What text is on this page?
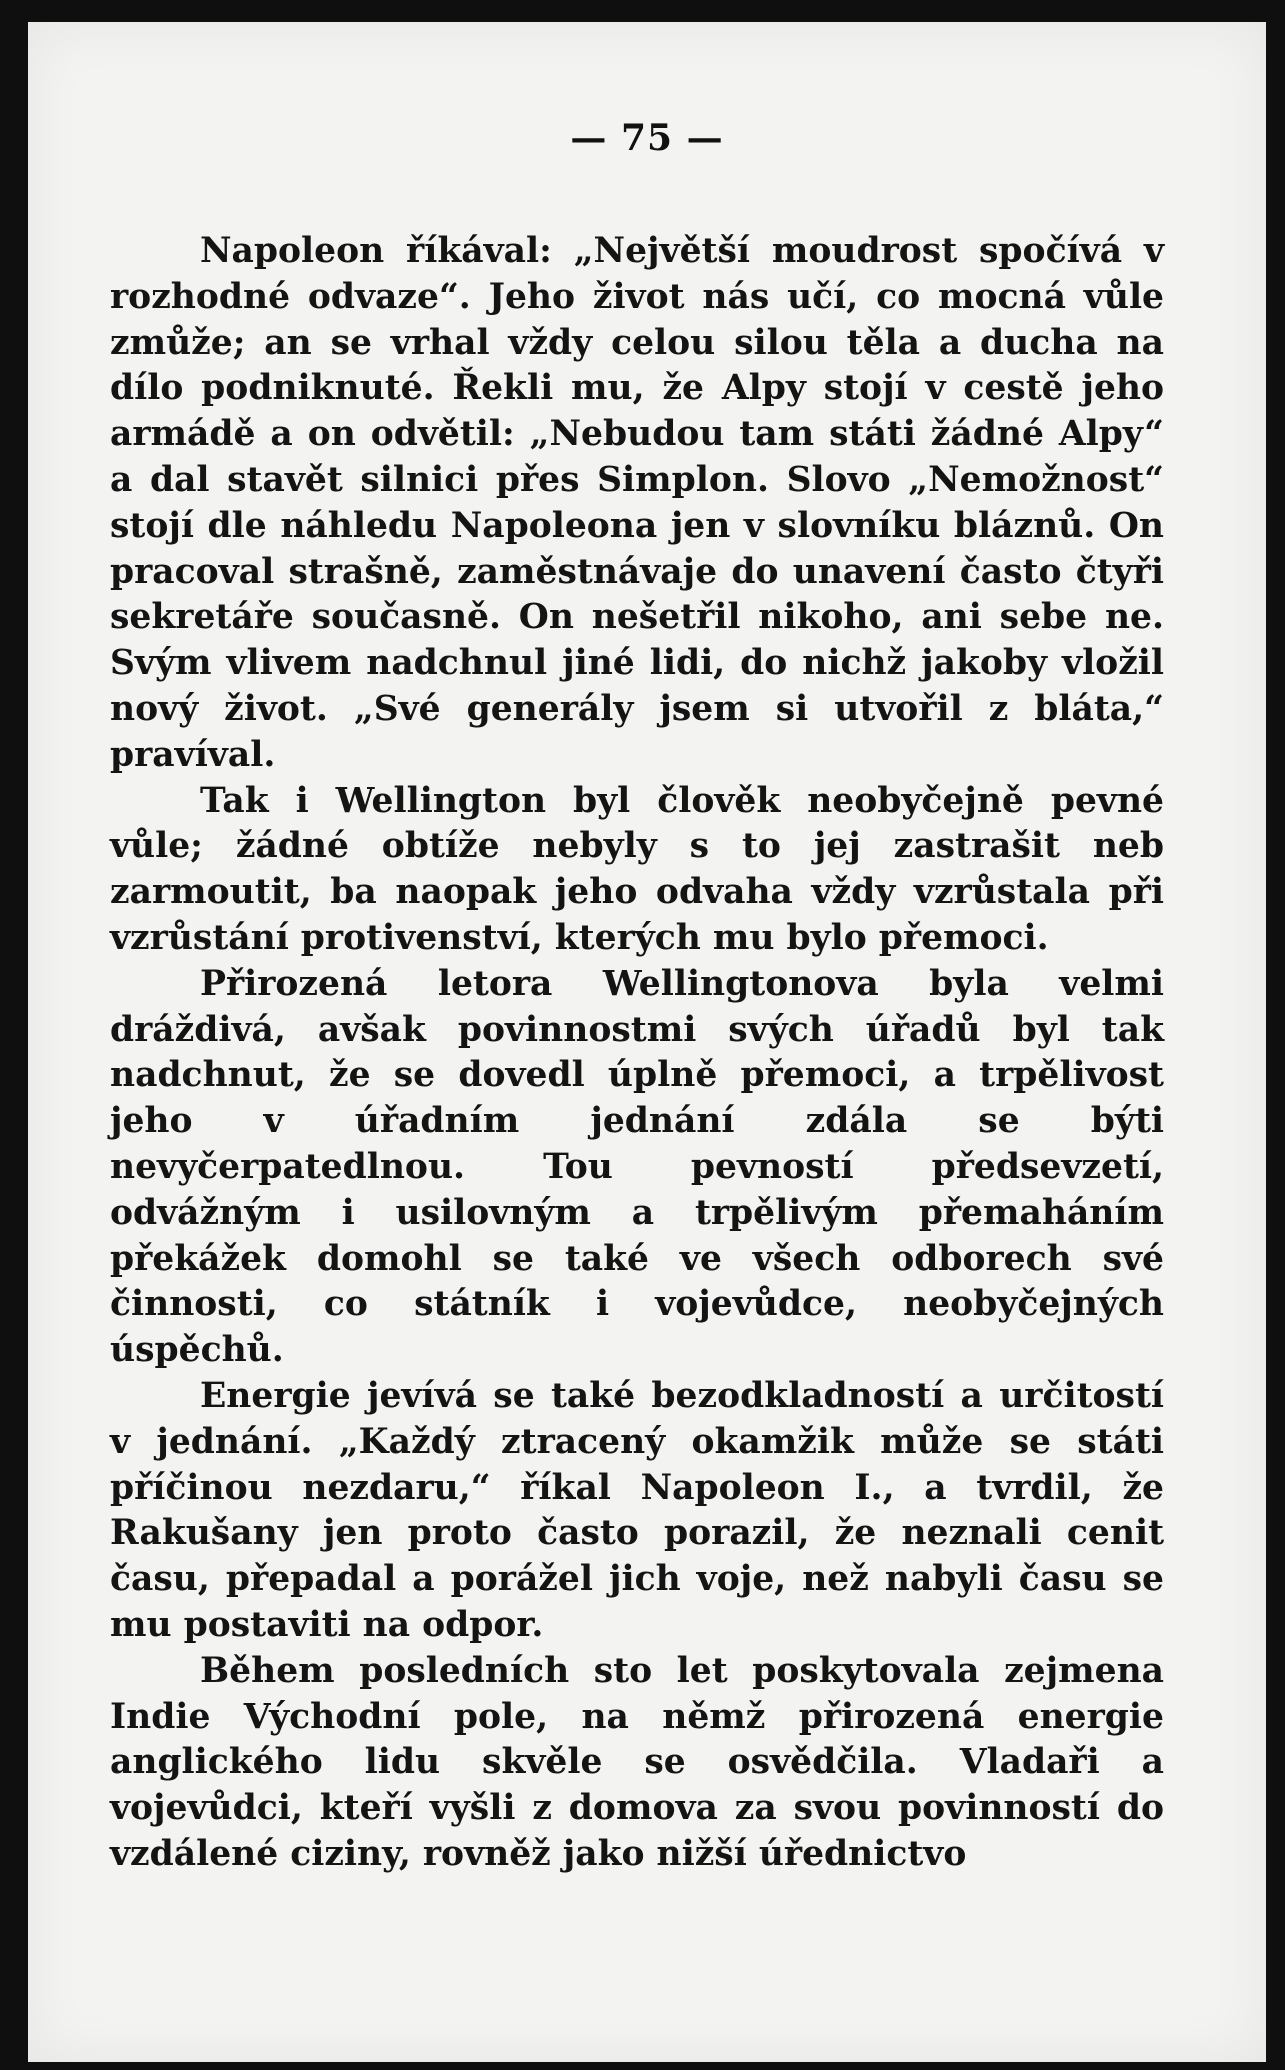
— 75 —

Napoleon říkával: „Největší moudrost spočívá v rozhodné odvaze“. Jeho život nás učí, co mocná vůle zmůže; an se vrhal vždy celou silou těla a ducha na dílo podniknuté. Řekli mu, že Alpy stojí v cestě jeho armádě a on odvětil: „Nebudou tam státi žádné Alpy“ a dal stavět silnici přes Simplon. Slovo „Nemožnost“ stojí dle náhledu Napoleona jen v slovníku bláznů. On pracoval strašně, zaměstnávaje do unavení často čtyři sekretáře současně. On nešetřil nikoho, ani sebe ne. Svým vlivem nadchnul jiné lidi, do nichž jakoby vložil nový život. „Své generály jsem si utvořil z bláta,“ pravíval.

Tak i Wellington byl člověk neobyčejně pevné vůle; žádné obtíže nebyly s to jej zastrašit neb zarmoutit, ba naopak jeho odvaha vždy vzrůstala při vzrůstání protivenství, kterých mu bylo přemoci.

Přirozená letora Wellingtonova byla velmi dráždivá, avšak povinnostmi svých úřadů byl tak nadchnut, že se dovedl úplně přemoci, a trpělivost jeho v úřadním jednání zdála se býti nevyčerpatedlnou. Tou pevností předsevzetí, odvážným i usilovným a trpělivým přemaháním překážek domohl se také ve všech odborech své činnosti, co státník i vojevůdce, neobyčejných úspěchů.

Energie jevívá se také bezodkladností a určitostí v jednání. „Každý ztracený okamžik může se státi příčinou nezdaru,“ říkal Napoleon I., a tvrdil, že Rakušany jen proto často porazil, že neznali cenit času, přepadal a porážel jich voje, než nabyli času se mu postaviti na odpor.

Během posledních sto let poskytovala zejmena Indie Východní pole, na němž přirozená energie anglického lidu skvěle se osvědčila. Vladaři a vojevůdci, kteří vyšli z domova za svou povinností do vzdálené ciziny, rovněž jako nižší úřednictvo
